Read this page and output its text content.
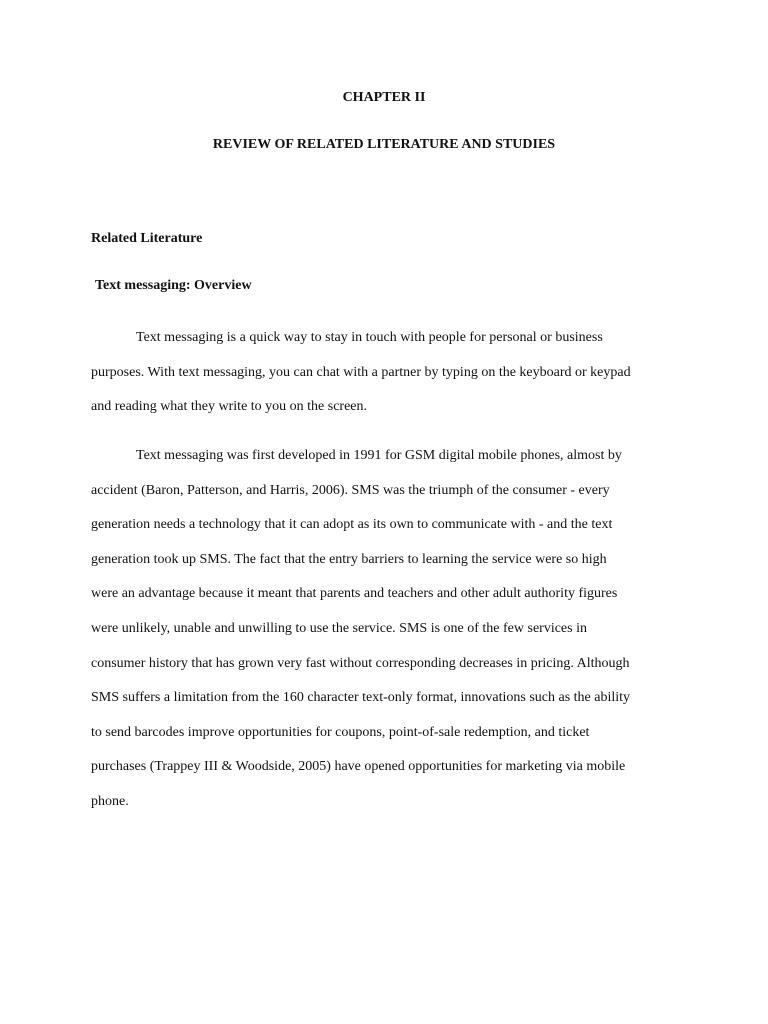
CHAPTER II

REVIEW OF RELATED LITERATURE AND STUDIES

Related Literature

Text messaging: Overview

Text messaging is a quick way to stay in touch with people for personal or business
purposes. With text messaging, you can chat with a partner by typing on the keyboard or keypad
and reading what they write to you on the screen.
Text messaging was first developed in 1991 for GSM digital mobile phones, almost by
accident (Baron, Patterson, and Harris, 2006). SMS was the triumph of the consumer - every
generation needs a technology that it can adopt as its own to communicate with - and the text
generation took up SMS. The fact that the entry barriers to learning the service were so high
were an advantage because it meant that parents and teachers and other adult authority figures
were unlikely, unable and unwilling to use the service. SMS is one of the few services in
consumer history that has grown very fast without corresponding decreases in pricing. Although
SMS suffers a limitation from the 160 character text-only format, innovations such as the ability
to send barcodes improve opportunities for coupons, point-of-sale redemption, and ticket
purchases (Trappey III & Woodside, 2005) have opened opportunities for marketing via mobile
phone.
